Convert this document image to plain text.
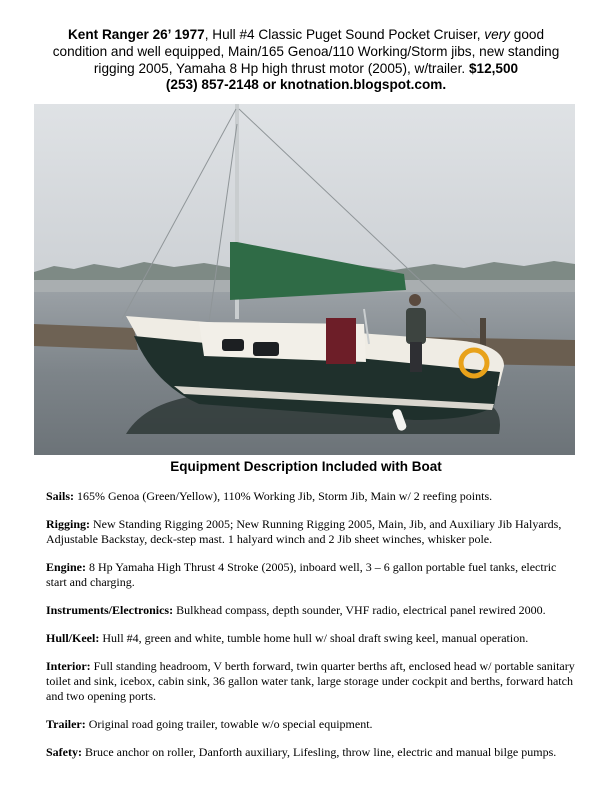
Kent Ranger 26’ 1977, Hull #4 Classic Puget Sound Pocket Cruiser, very good condition and well equipped, Main/165 Genoa/110 Working/Storm jibs, new standing rigging 2005, Yamaha 8 Hp high thrust motor (2005), w/trailer. $12,500
(253) 857-2148 or knotnation.blogspot.com.
Equipment Description Included with Boat
Sails: 165% Genoa (Green/Yellow), 110% Working Jib, Storm Jib, Main w/ 2 reefing points.
Rigging: New Standing Rigging 2005; New Running Rigging 2005, Main, Jib, and Auxiliary Jib Halyards, Adjustable Backstay, deck-step mast. 1 halyard winch and 2 Jib sheet winches, whisker pole.
Engine: 8 Hp Yamaha High Thrust 4 Stroke (2005), inboard well, 3 – 6 gallon portable fuel tanks, electric start and charging.
Instruments/Electronics: Bulkhead compass, depth sounder, VHF radio, electrical panel rewired 2000.
Hull/Keel: Hull #4, green and white, tumble home hull w/ shoal draft swing keel, manual operation.
Interior: Full standing headroom, V berth forward, twin quarter berths aft, enclosed head w/ portable sanitary toilet and sink, icebox, cabin sink, 36 gallon water tank, large storage under cockpit and berths, forward hatch and two opening ports.
Trailer: Original road going trailer, towable w/o special equipment.
Safety: Bruce anchor on roller, Danforth auxiliary, Lifesling, throw line, electric and manual bilge pumps.
